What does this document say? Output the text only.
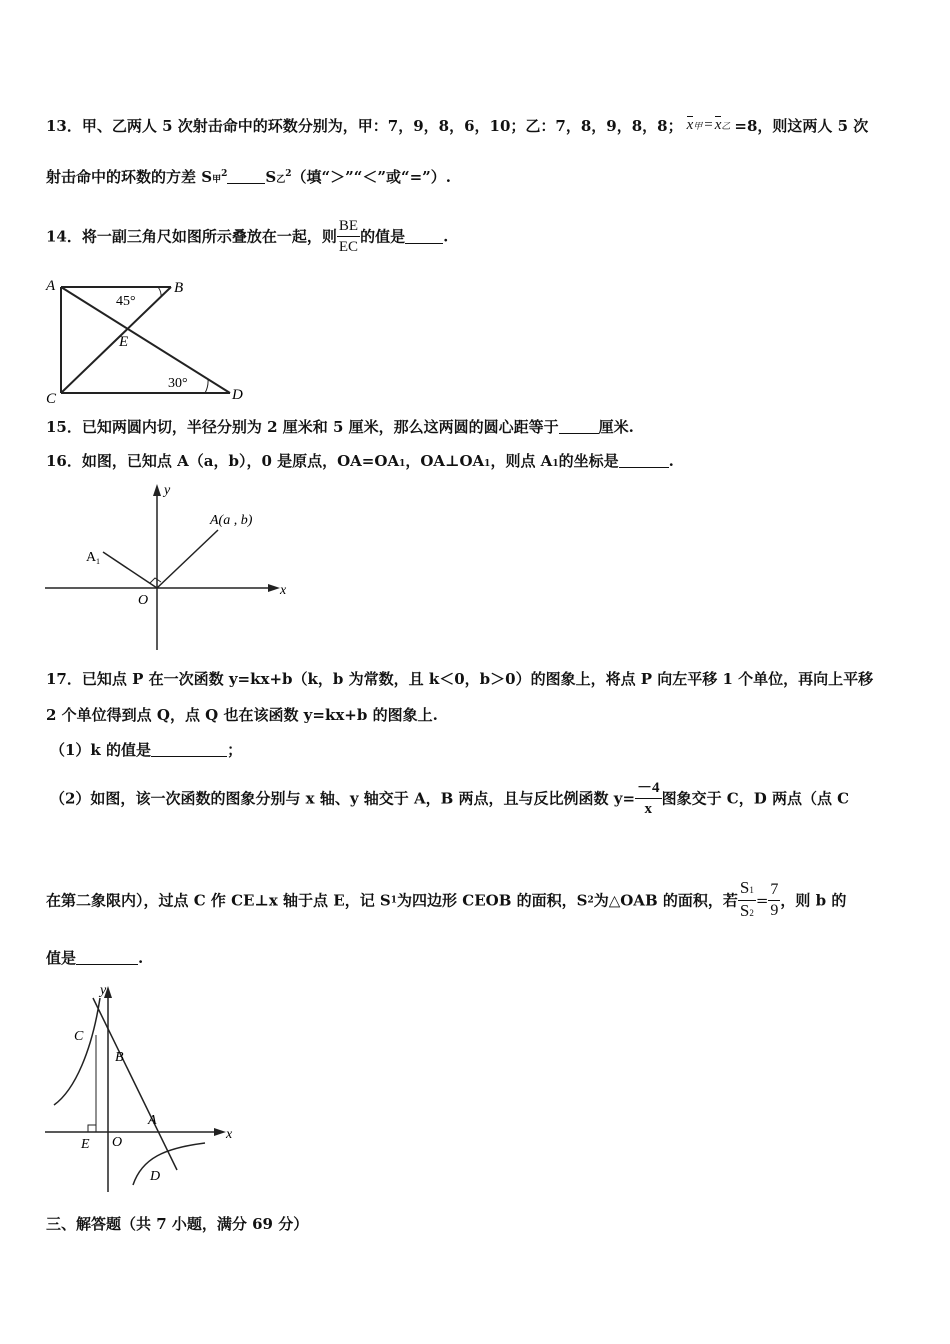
13．甲、乙两人 5 次射击命中的环数分别为，甲：7，9，8，6，10；乙：7，8，9，8，8； x甲 = x乙 =8，则这两人 5 次
射击命中的环数的方差 S甲$^2$	S乙$^2$（填“＞”“＜”或“=”）.
14．将一副三角尺如图所示叠放在一起，则 $\frac{BE}{EC}$ 的值是	.
A	B
C	D
E
45°
30°
15．已知两圆内切，半径分别为 2 厘米和 5 厘米，那么这两圆的圆心距等于	厘米.
16．如图，已知点 A（a，b），0 是原点，OA=OA1，OA⊥OA1，则点 A1的坐标是	.
y
x
O
A(a , b)
A 1
17．已知点 P 在一次函数 y=kx+b（k，b 为常数，且 k＜0，b＞0）的图象上，将点 P 向左平移 1 个单位，再向上平移
2 个单位得到点 Q，点 Q 也在该函数 y=kx+b 的图象上.
（1）k 的值是	；
（2）如图，该一次函数的图象分别与 x 轴、y 轴交于 A，B 两点，且与反比例函数 $y= \frac{-4}{x}$ 图象交于 C，D 两点（点 C
在第二象限内），过点 C 作 CE⊥x 轴于点 E，记 S1为四边形 CEOB 的面积，S2为△OAB 的面积，若 $\frac{S1}{S2} = \frac{7}{9}$ ，则 b 的
值是	.
y
x
C
B
A
E O
D
三、解答题（共 7 小题，满分 69 分）
